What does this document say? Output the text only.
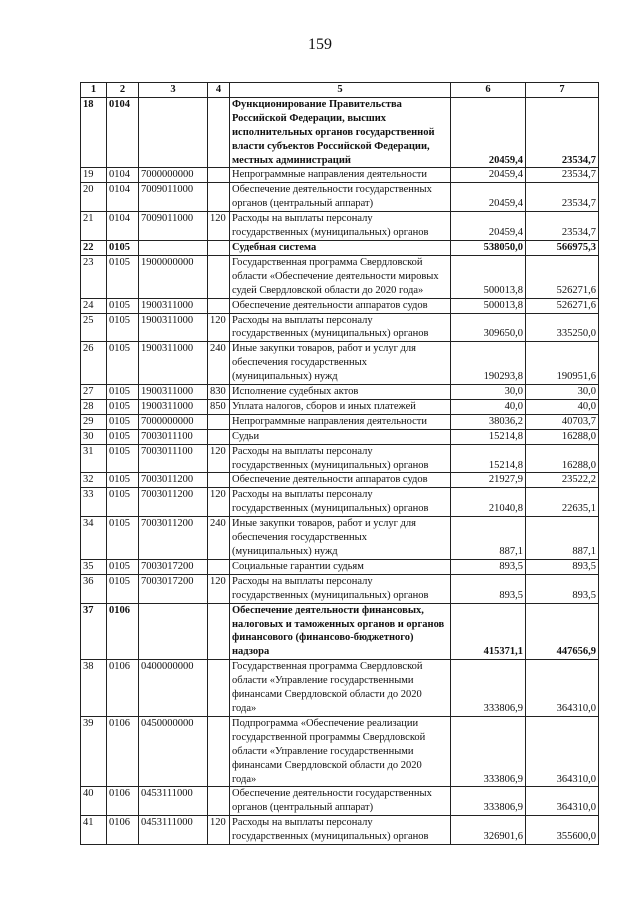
159
1	2	3	4	5	6	7
18	0104			Функционирование Правительства Российской Федерации, высших исполнительных органов государственной власти субъектов Российской Федерации, местных администраций	20459,4	23534,7
19	0104	7000000000		Непрограммные направления деятельности	20459,4	23534,7
20	0104	7009011000		Обеспечение деятельности государственных органов (центральный аппарат)	20459,4	23534,7
21	0104	7009011000	120	Расходы на выплаты персоналу государственных (муниципальных) органов	20459,4	23534,7
22	0105			Судебная система	538050,0	566975,3
23	0105	1900000000		Государственная программа Свердловской области «Обеспечение деятельности мировых судей Свердловской области до 2020 года»	500013,8	526271,6
24	0105	1900311000		Обеспечение деятельности аппаратов судов	500013,8	526271,6
25	0105	1900311000	120	Расходы на выплаты персоналу государственных (муниципальных) органов	309650,0	335250,0
26	0105	1900311000	240	Иные закупки товаров, работ и услуг для обеспечения государственных (муниципальных) нужд	190293,8	190951,6
27	0105	1900311000	830	Исполнение судебных актов	30,0	30,0
28	0105	1900311000	850	Уплата налогов, сборов и иных платежей	40,0	40,0
29	0105	7000000000		Непрограммные направления деятельности	38036,2	40703,7
30	0105	7003011100		Судьи	15214,8	16288,0
31	0105	7003011100	120	Расходы на выплаты персоналу государственных (муниципальных) органов	15214,8	16288,0
32	0105	7003011200		Обеспечение деятельности аппаратов судов	21927,9	23522,2
33	0105	7003011200	120	Расходы на выплаты персоналу государственных (муниципальных) органов	21040,8	22635,1
34	0105	7003011200	240	Иные закупки товаров, работ и услуг для обеспечения государственных (муниципальных) нужд	887,1	887,1
35	0105	7003017200		Социальные гарантии судьям	893,5	893,5
36	0105	7003017200	120	Расходы на выплаты персоналу государственных (муниципальных) органов	893,5	893,5
37	0106			Обеспечение деятельности финансовых, налоговых и таможенных органов и органов финансового (финансово-бюджетного) надзора	415371,1	447656,9
38	0106	0400000000		Государственная программа Свердловской области «Управление государственными финансами Свердловской области до 2020 года»	333806,9	364310,0
39	0106	0450000000		Подпрограмма «Обеспечение реализации государственной программы Свердловской области «Управление государственными финансами Свердловской области до 2020 года»	333806,9	364310,0
40	0106	0453111000		Обеспечение деятельности государственных органов (центральный аппарат)	333806,9	364310,0
41	0106	0453111000	120	Расходы на выплаты персоналу государственных (муниципальных) органов	326901,6	355600,0
